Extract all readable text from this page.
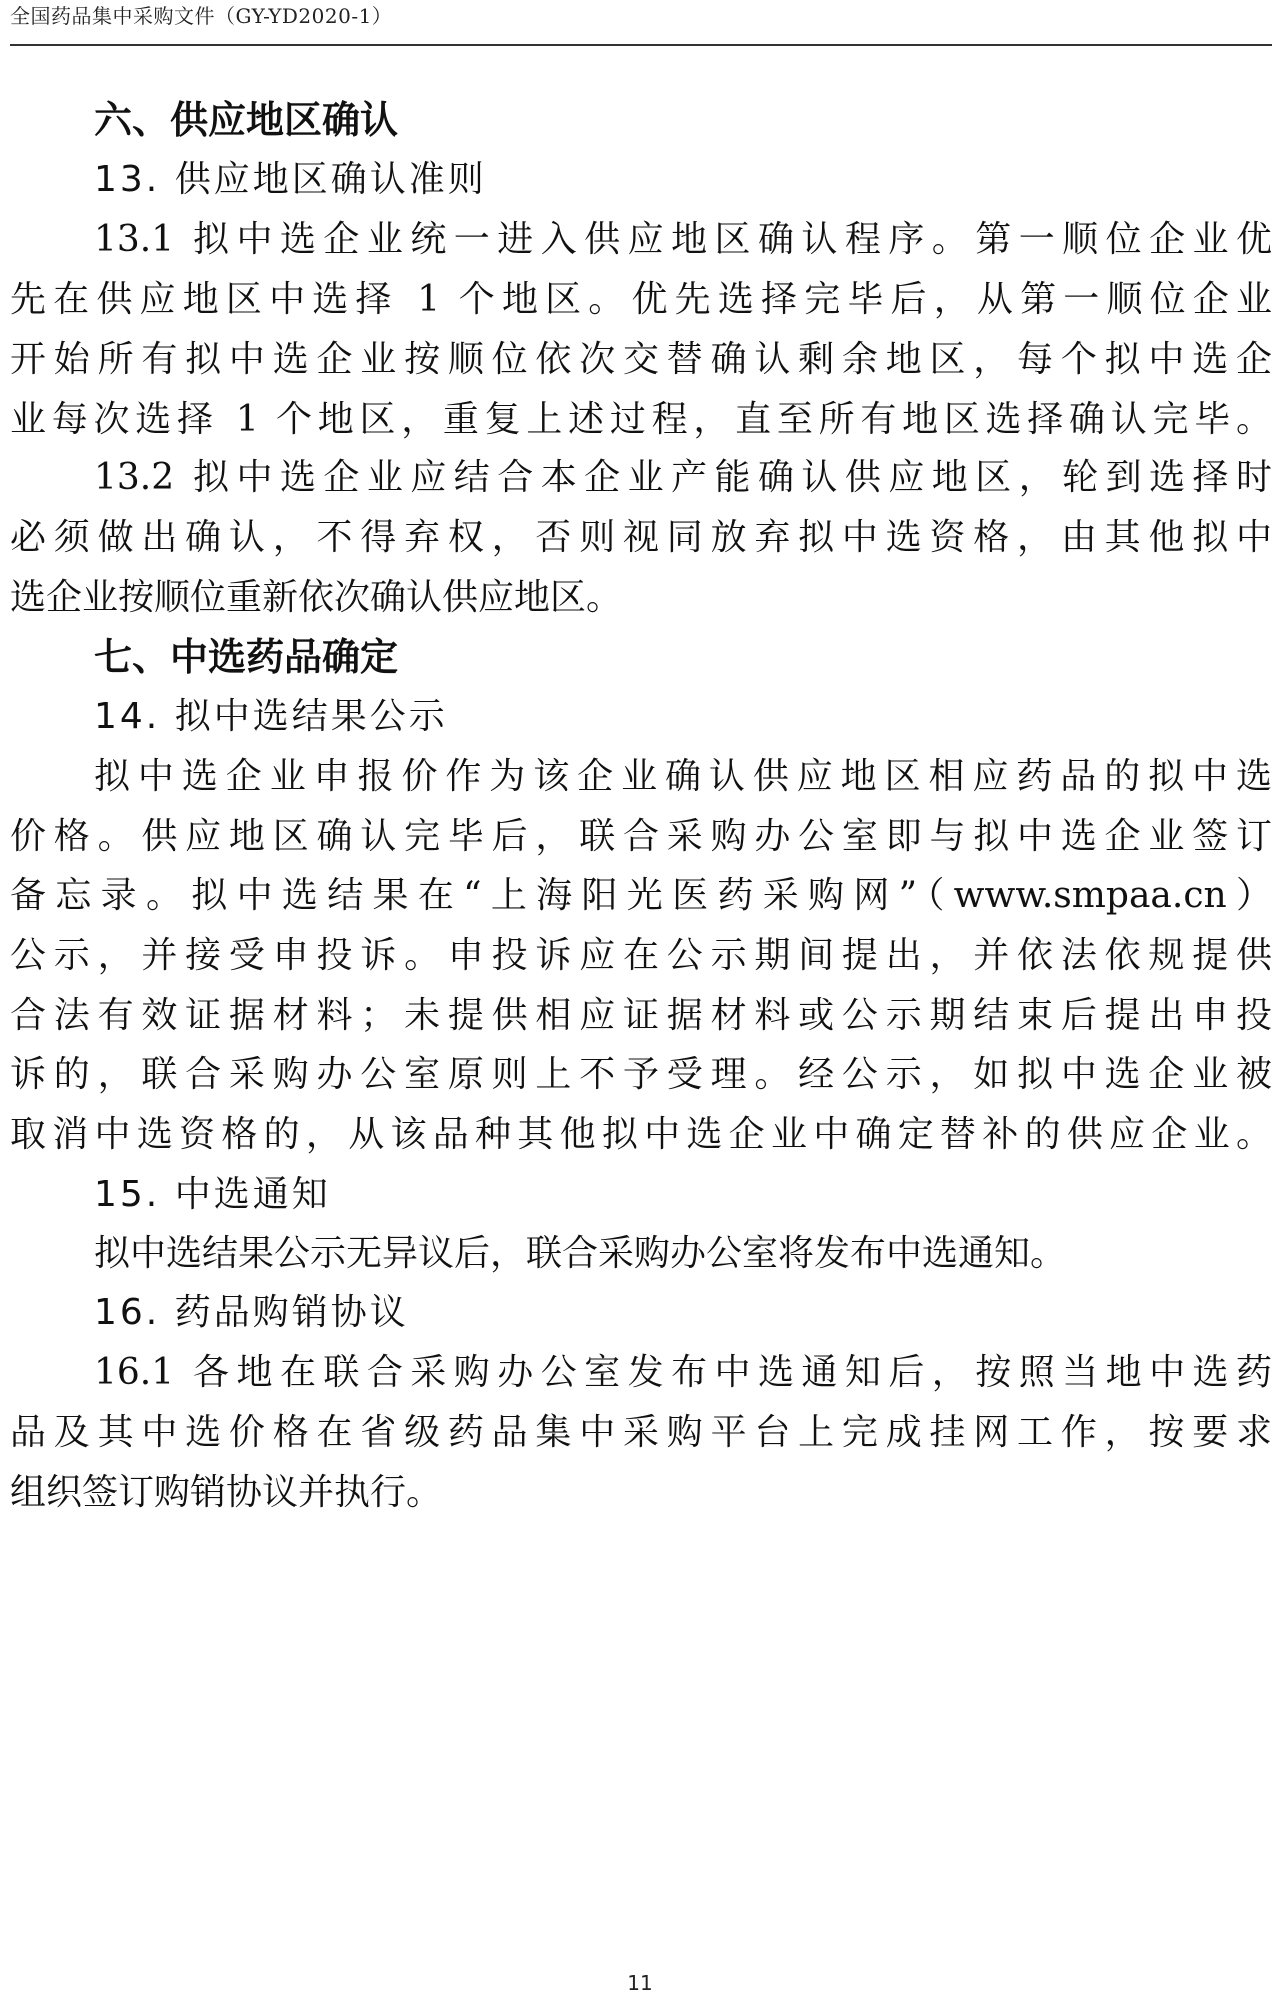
全国药品集中采购文件（GY-YD2020-1）
六、供应地区确认
13. 供应地区确认准则
13.1 拟中选企业统一进入供应地区确认程序。第一顺位企业优
先在供应地区中选择 1 个地区。优先选择完毕后，从第一顺位企业
开始所有拟中选企业按顺位依次交替确认剩余地区，每个拟中选企
业每次选择 1 个地区，重复上述过程，直至所有地区选择确认完毕。
13.2 拟中选企业应结合本企业产能确认供应地区，轮到选择时
必须做出确认，不得弃权，否则视同放弃拟中选资格，由其他拟中
选企业按顺位重新依次确认供应地区。
七、中选药品确定
14. 拟中选结果公示
拟中选企业申报价作为该企业确认供应地区相应药品的拟中选
价格。供应地区确认完毕后，联合采购办公室即与拟中选企业签订
备忘录。拟中选结果在“上海阳光医药采购网”（www.smpaa.cn）
公示，并接受申投诉。申投诉应在公示期间提出，并依法依规提供
合法有效证据材料；未提供相应证据材料或公示期结束后提出申投
诉的，联合采购办公室原则上不予受理。经公示，如拟中选企业被
取消中选资格的，从该品种其他拟中选企业中确定替补的供应企业。
15. 中选通知
拟中选结果公示无异议后，联合采购办公室将发布中选通知。
16. 药品购销协议
16.1 各地在联合采购办公室发布中选通知后，按照当地中选药
品及其中选价格在省级药品集中采购平台上完成挂网工作，按要求
组织签订购销协议并执行。
11
